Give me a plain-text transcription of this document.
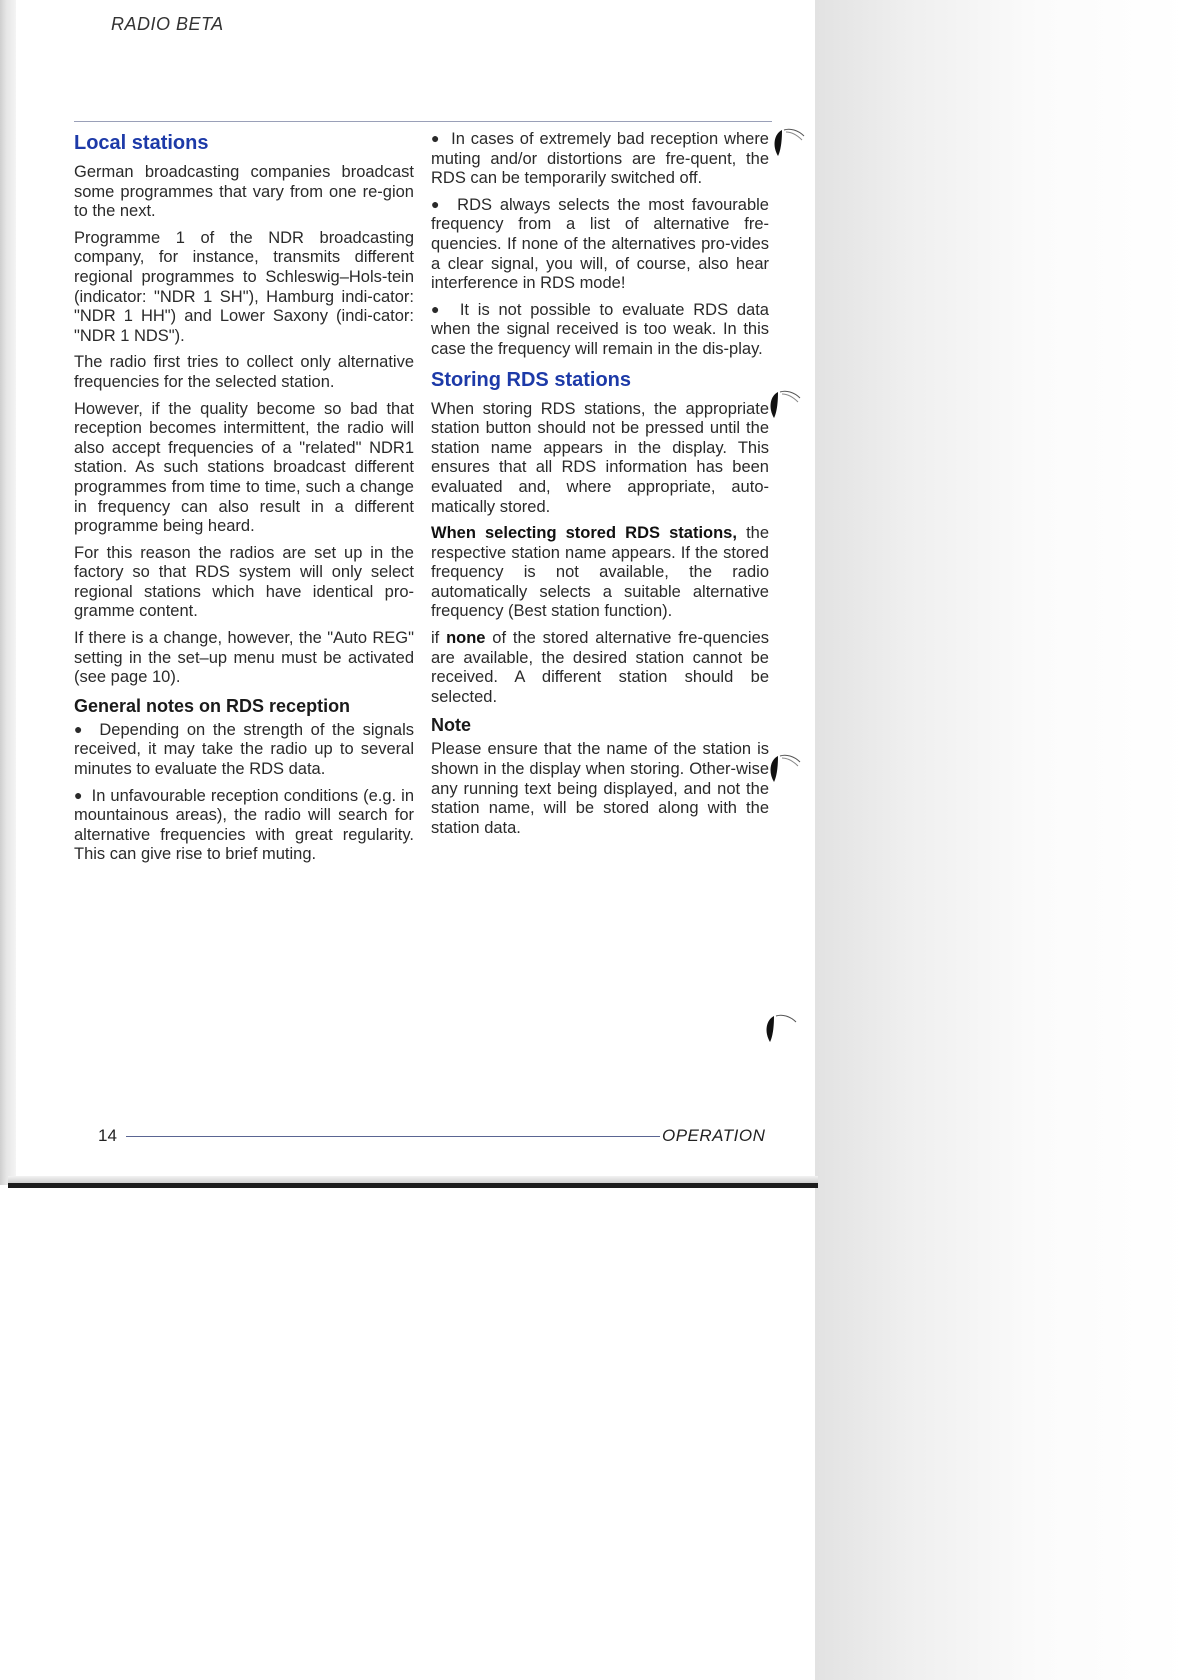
RADIO BETA
Local stations

German broadcasting companies broadcast some programmes that vary from one re-gion to the next.

Programme 1 of the NDR broadcasting company, for instance, transmits different regional programmes to Schleswig–Hols-tein (indicator: "NDR 1 SH"), Hamburg indi-cator: "NDR 1 HH") and Lower Saxony (indi-cator: "NDR 1 NDS").

The radio first tries to collect only alternative frequencies for the selected station.

However, if the quality become so bad that reception becomes intermittent, the radio will also accept frequencies of a "related" NDR1 station. As such stations broadcast different programmes from time to time, such a change in frequency can also result in a different programme being heard.

For this reason the radios are set up in the factory so that RDS system will only select regional stations which have identical pro-gramme content.

If there is a change, however, the "Auto REG" setting in the set–up menu must be activated (see page 10).

General notes on RDS reception

●  Depending on the strength of the signals received, it may take the radio up to several minutes to evaluate the RDS data.

●  In unfavourable reception conditions (e.g. in mountainous areas), the radio will search for alternative frequencies with great regularity. This can give rise to brief muting.

●  In cases of extremely bad reception where muting and/or distortions are fre-quent, the RDS can be temporarily switched off.

●  RDS always selects the most favourable frequency from a list of alternative fre-quencies. If none of the alternatives pro-vides a clear signal, you will, of course, also hear interference in RDS mode!

●  It is not possible to evaluate RDS data when the signal received is too weak. In this case the frequency will remain in the dis-play.

Storing RDS stations

When storing RDS stations, the appropriate station button should not be pressed until the station name appears in the display. This ensures that all RDS information has been evaluated and, where appropriate, auto-matically stored.

When selecting stored RDS stations, the respective station name appears. If the stored frequency is not available, the radio automatically selects a suitable alternative frequency (Best station function).

if none of the stored alternative fre-quencies are available, the desired station cannot be received. A different station should be selected.

Note

Please ensure that the name of the station is shown in the display when storing. Other-wise any running text being displayed, and not the station name, will be stored along with the station data.

14	OPERATION
